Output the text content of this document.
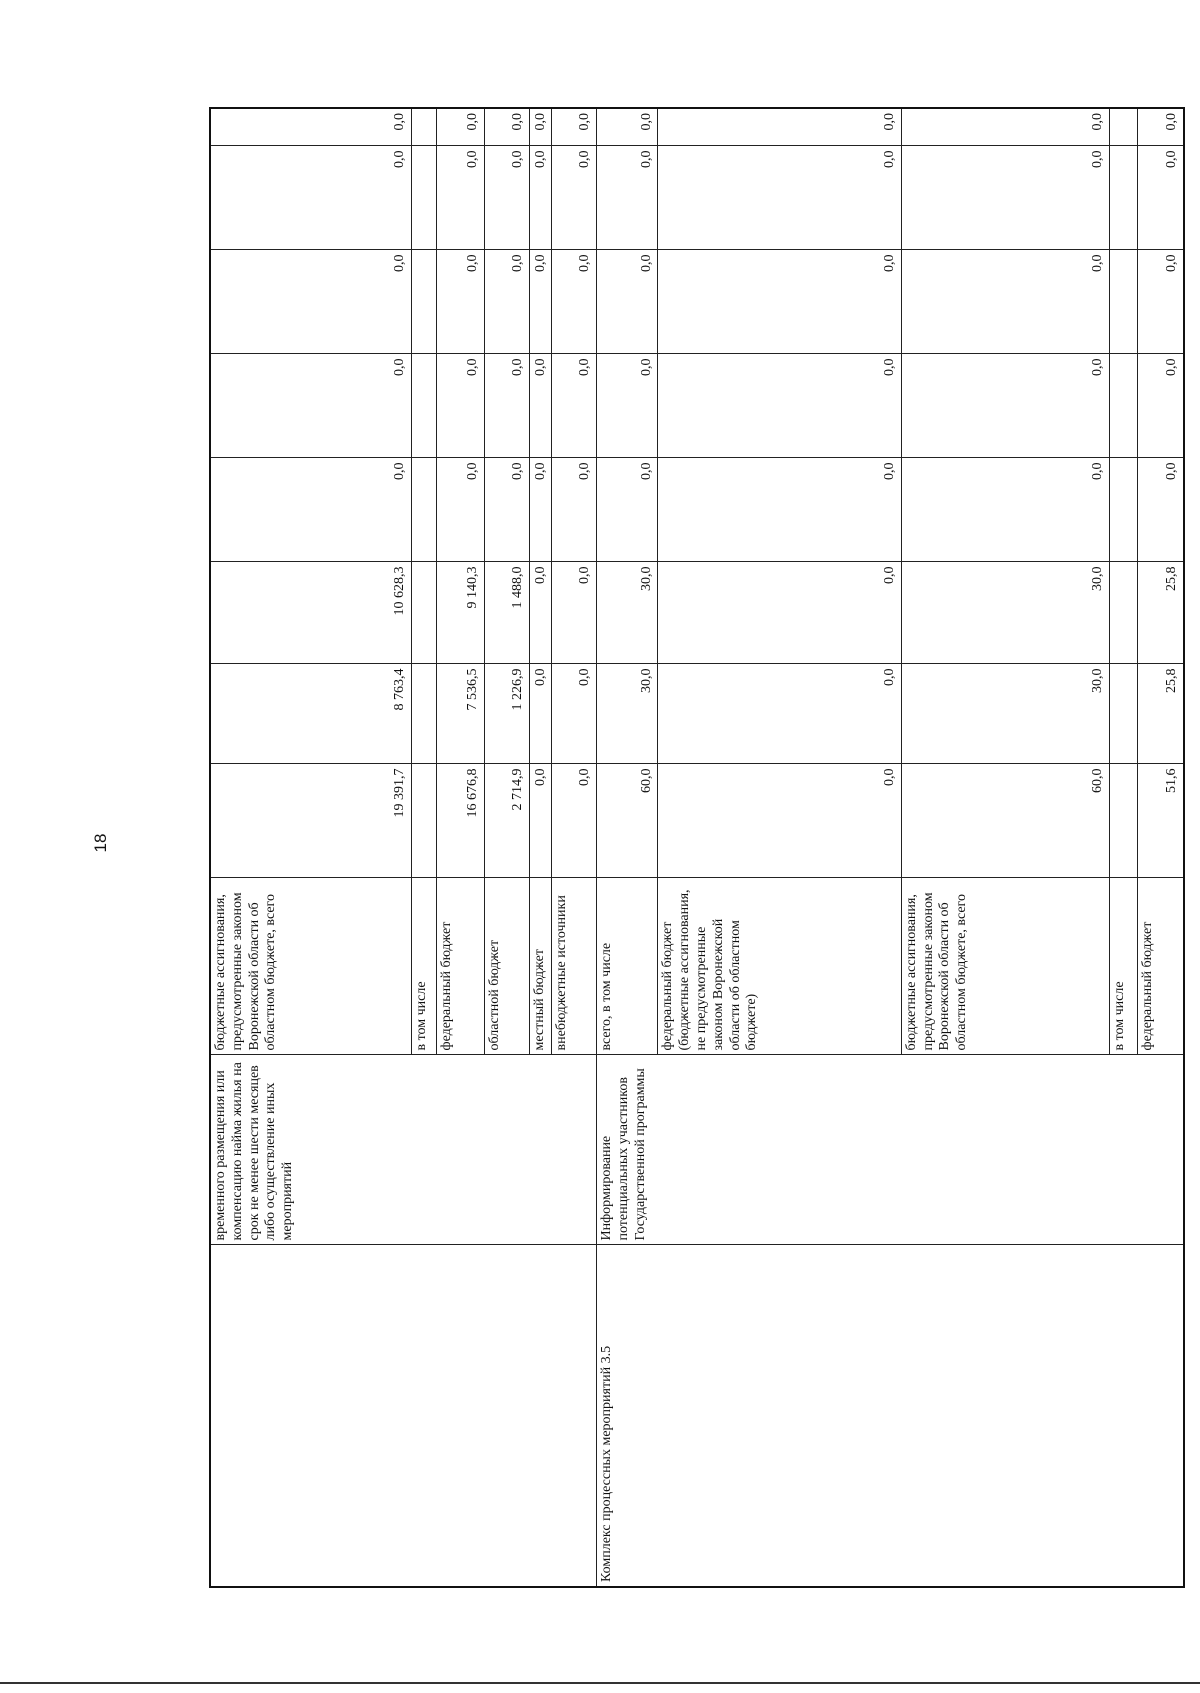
18
	временного размещения или компенсацию найма жилья на срок не менее шести месяцев либо осуществление иных мероприятий	бюджетные ассигнования, предусмотренные законом Воронежской области об областном бюджете, всего	19 391,7	8 763,4	10 628,3	0,0	0,0	0,0	0,0	0,0
		в том числе								
		федеральный бюджет	16 676,8	7 536,5	9 140,3	0,0	0,0	0,0	0,0	0,0
		областной бюджет	2 714,9	1 226,9	1 488,0	0,0	0,0	0,0	0,0	0,0
		местный бюджет	0,0	0,0	0,0	0,0	0,0	0,0	0,0	0,0
		внебюджетные источники	0,0	0,0	0,0	0,0	0,0	0,0	0,0	0,0
Комплекс процессных мероприятий 3.5	Информирование потенциальных участников Государственной программы	всего, в том числе	60,0	30,0	30,0	0,0	0,0	0,0	0,0	0,0
		федеральный бюджет (бюджетные ассигнования, не предусмотренные законом Воронежской области об областном бюджете)	0,0	0,0	0,0	0,0	0,0	0,0	0,0	0,0
		бюджетные ассигнования, предусмотренные законом Воронежской области об областном бюджете, всего	60,0	30,0	30,0	0,0	0,0	0,0	0,0	0,0
		в том числе								
		федеральный бюджет	51,6	25,8	25,8	0,0	0,0	0,0	0,0	0,0
